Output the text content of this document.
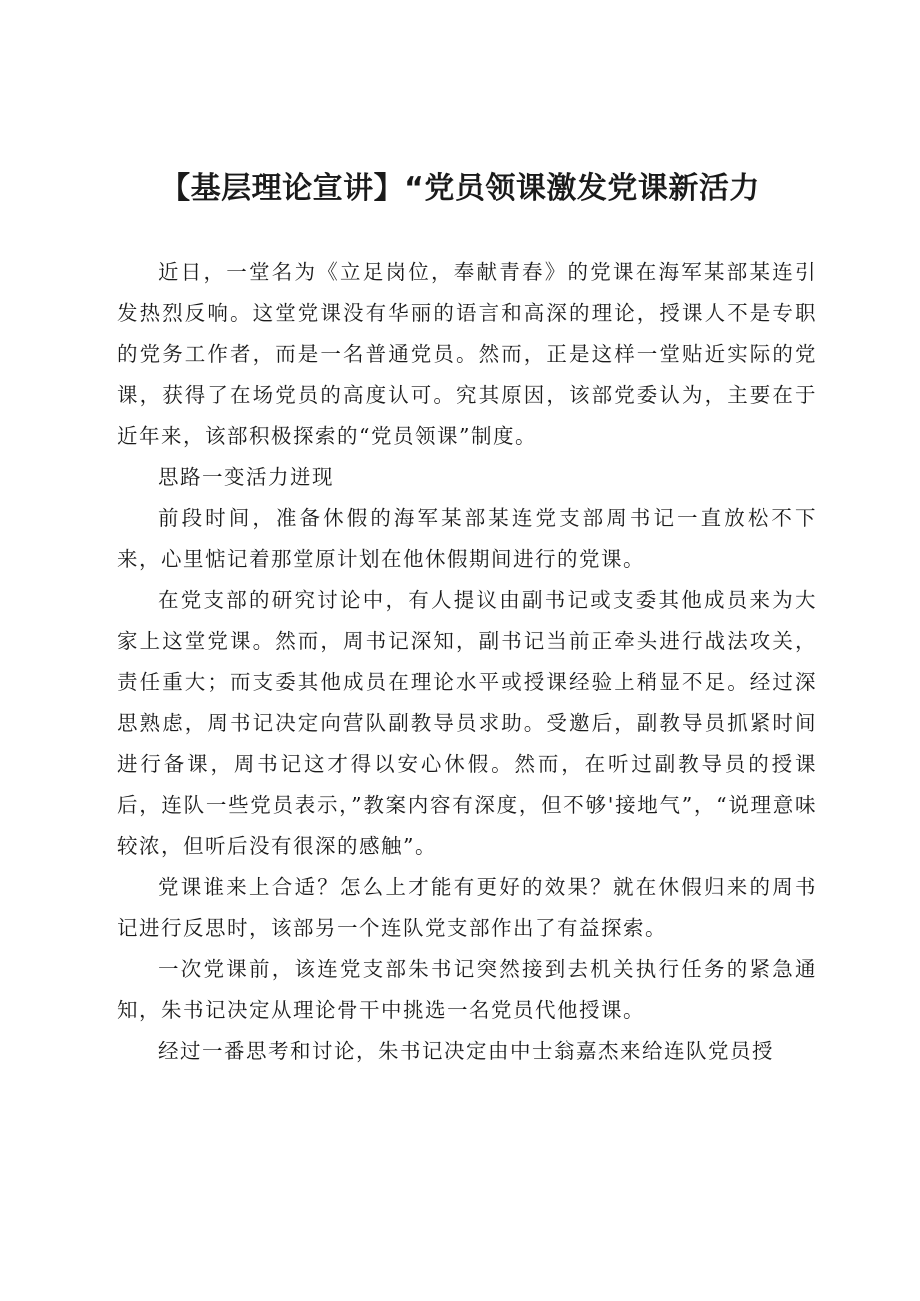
【基层理论宣讲】“党员领课激发党课新活力

近日，一堂名为《立足岗位，奉献青春》的党课在海军某部某连引发热烈反响。这堂党课没有华丽的语言和高深的理论，授课人不是专职的党务工作者，而是一名普通党员。然而，正是这样一堂贴近实际的党课，获得了在场党员的高度认可。究其原因，该部党委认为，主要在于近年来，该部积极探索的“党员领课”制度。

思路一变活力迸现

前段时间，准备休假的海军某部某连党支部周书记一直放松不下来，心里惦记着那堂原计划在他休假期间进行的党课。

在党支部的研究讨论中，有人提议由副书记或支委其他成员来为大家上这堂党课。然而，周书记深知，副书记当前正牵头进行战法攻关，责任重大；而支委其他成员在理论水平或授课经验上稍显不足。经过深思熟虑，周书记决定向营队副教导员求助。受邀后，副教导员抓紧时间进行备课，周书记这才得以安心休假。然而，在听过副教导员的授课后，连队一些党员表示，”教案内容有深度，但不够'接地气”，“说理意味较浓，但听后没有很深的感触”。

党课谁来上合适？怎么上才能有更好的效果？就在休假归来的周书记进行反思时，该部另一个连队党支部作出了有益探索。

一次党课前，该连党支部朱书记突然接到去机关执行任务的紧急通知，朱书记决定从理论骨干中挑选一名党员代他授课。

经过一番思考和讨论，朱书记决定由中士翁嘉杰来给连队党员授
